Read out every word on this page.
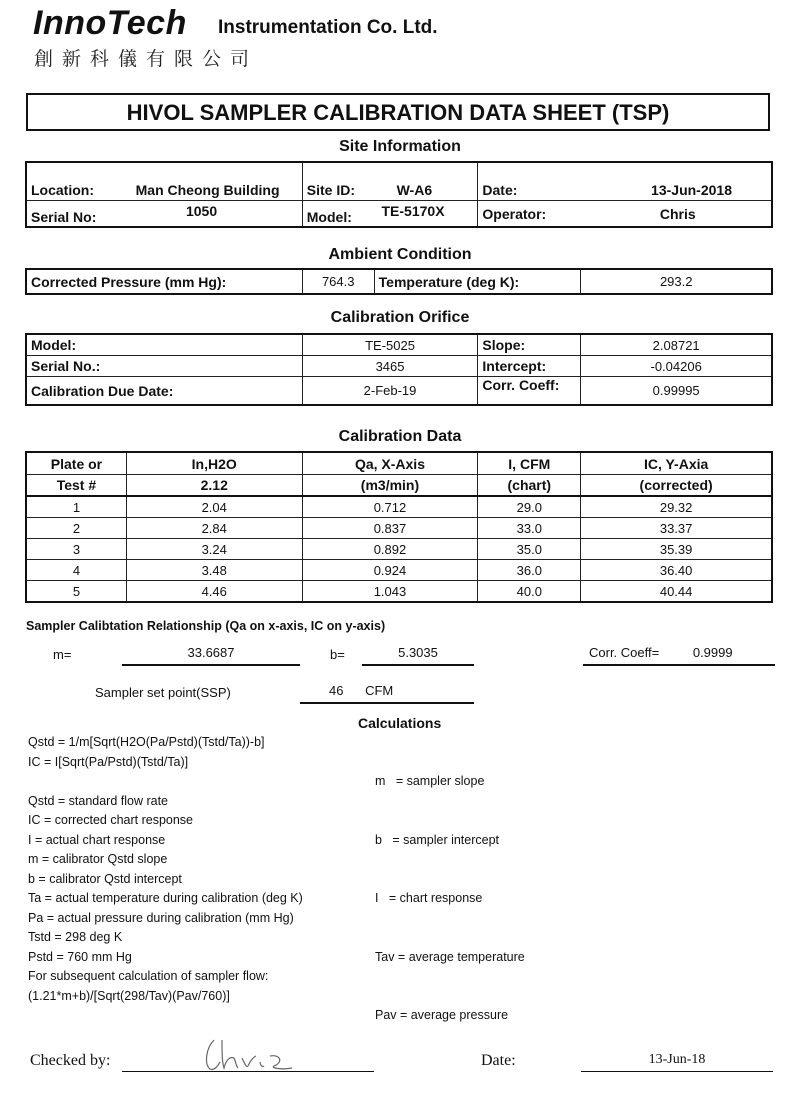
InnoTech Instrumentation Co. Ltd.
創新科儀有限公司
HIVOL SAMPLER CALIBRATION DATA SHEET (TSP)
Site Information
Location: Man Cheong Building	Site ID: W-A6	Date: 13-Jun-2018
Serial No: 1050	Model: TE-5170X	Operator: Chris
Ambient Condition
Corrected Pressure (mm Hg):	764.3	Temperature (deg K):	293.2
Calibration Orifice
Model:	TE-5025	Slope:	2.08721
Serial No.:	3465	Intercept:	-0.04206
Calibration Due Date:	2-Feb-19	Corr. Coeff:	0.99995
Calibration Data
Plate or	In,H2O	Qa, X-Axis	I, CFM	IC, Y-Axia
Test #	2.12	(m3/min)	(chart)	(corrected)
1	2.04	0.712	29.0	29.32
2	2.84	0.837	33.0	33.37
3	3.24	0.892	35.0	35.39
4	3.48	0.924	36.0	36.40
5	4.46	1.043	40.0	40.44
Sampler Calibtation Relationship (Qa on x-axis, IC on y-axis)
m=	33.6687	b=	5.3035	Corr. Coeff=	0.9999
Sampler set point(SSP)	46 CFM
Calculations
Qstd = 1/m[Sqrt(H2O(Pa/Pstd)(Tstd/Ta))-b]
IC = I[Sqrt(Pa/Pstd)(Tstd/Ta)]
Qstd = standard flow rate
IC = corrected chart response
I = actual chart response
m = calibrator Qstd slope
b = calibrator Qstd intercept
Ta = actual temperature during calibration (deg K)
Pa = actual pressure during calibration (mm Hg)
Tstd = 298 deg K
Pstd = 760 mm Hg
For subsequent calculation of sampler flow:
(1.21*m+b)/[Sqrt(298/Tav)(Pav/760)]

m   = sampler slope

b   = sampler intercept

I   = chart response

Tav = average temperature

Pav = average pressure

Checked by:	Date:	13-Jun-18
